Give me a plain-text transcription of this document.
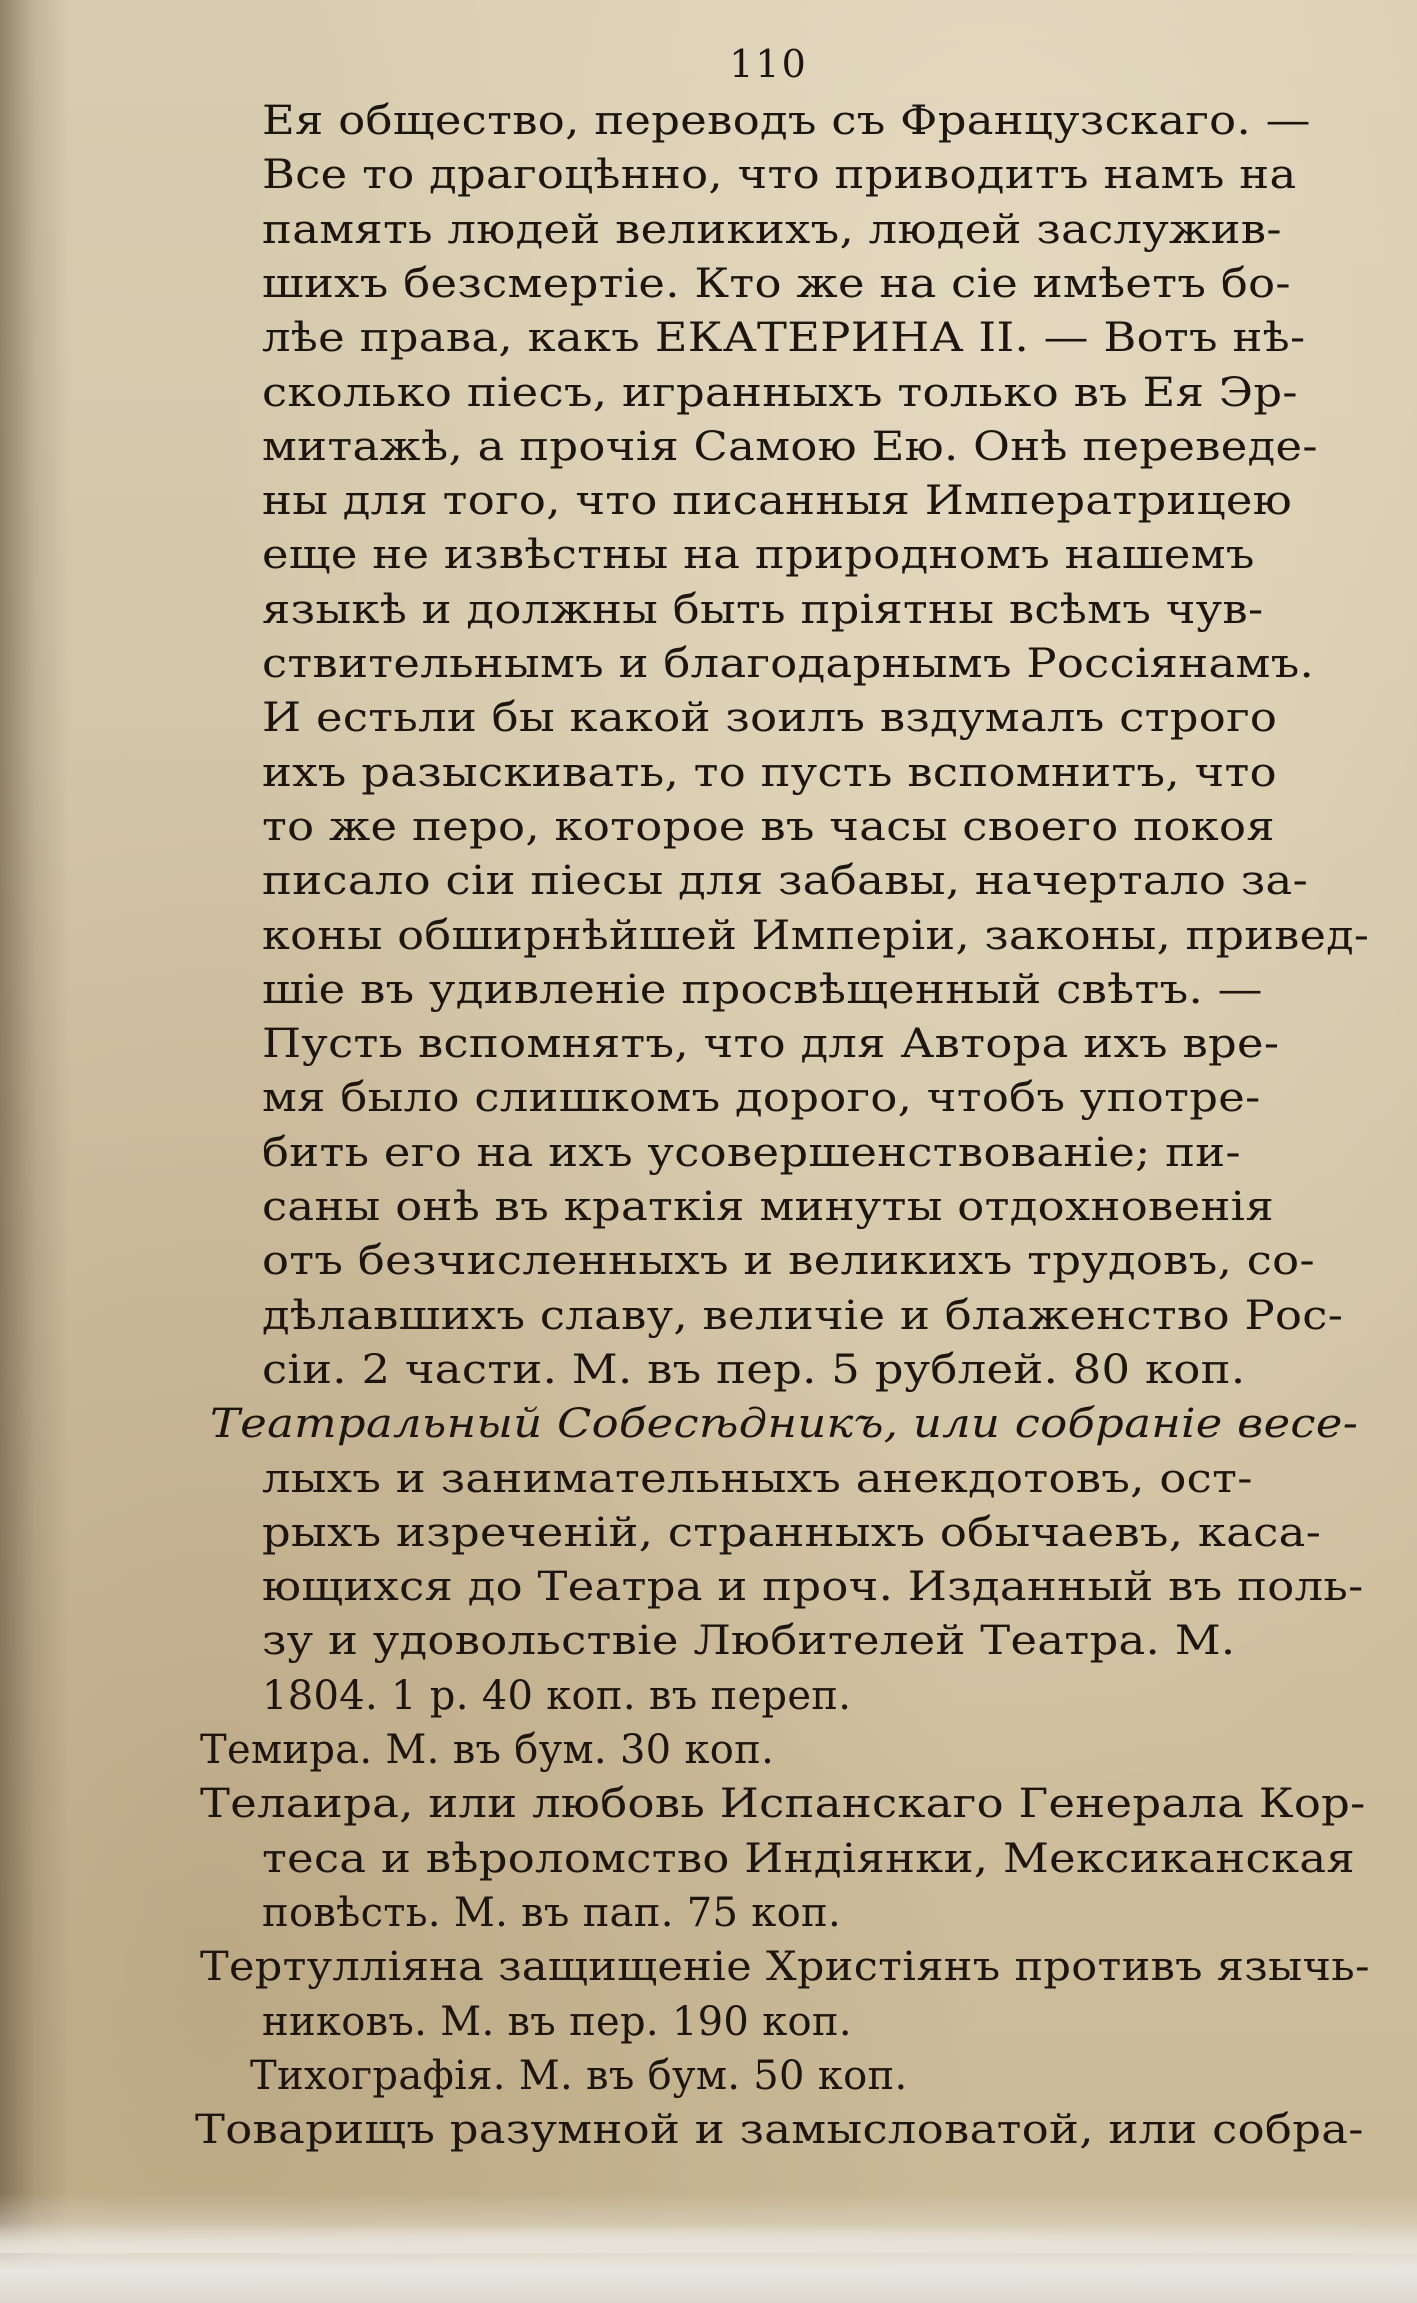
110
Ея общество, переводъ съ Французскаго. —
Все то драгоцѣнно, что приводитъ намъ на
память людей великихъ, людей заслужив-
шихъ безсмертіе. Кто же на сіе имѣетъ бо-
лѣе права, какъ ЕКАТЕРИНА II. — Вотъ нѣ-
сколько піесъ, игранныхъ только въ Ея Эр-
митажѣ, а прочія Самою Ею. Онѣ переведе-
ны для того, что писанныя Императрицею
еще не извѣстны на природномъ нашемъ
языкѣ и должны быть пріятны всѣмъ чув-
ствительнымъ и благодарнымъ Россіянамъ.
И естьли бы какой зоилъ вздумалъ строго
ихъ разыскивать, то пусть вспомнитъ, что
то же перо, которое въ часы своего покоя
писало сіи піесы для забавы, начертало за-
коны обширнѣйшей Имперіи, законы, привед-
шіе въ удивленіе просвѣщенный свѣтъ. —
Пусть вспомнятъ, что для Автора ихъ вре-
мя было слишкомъ дорого, чтобъ употре-
бить его на ихъ усовершенствованіе; пи-
саны онѣ въ краткія минуты отдохновенія
отъ безчисленныхъ и великихъ трудовъ, со-
дѣлавшихъ славу, величіе и блаженство Рос-
сіи. 2 части. М. въ пер. 5 рублей. 80 коп.
Театральный Собесѣдникъ, или собраніе весе-
лыхъ и занимательныхъ анекдотовъ, ост-
рыхъ изреченій, странныхъ обычаевъ, каса-
ющихся до Театра и проч. Изданный въ поль-
зу и удовольствіе Любителей Театра. М.
1804. 1 р. 40 коп. въ переп.
Темира. М. въ бум. 30 коп.
Телаира, или любовь Испанскаго Генерала Кор-
теса и вѣроломство Индіянки, Мексиканская
повѣсть. М. въ пап. 75 коп.
Тертулліяна защищеніе Христіянъ противъ язычь-
никовъ. М. въ пер. 190 коп.
Тихографія. М. въ бум. 50 коп.
Товарищъ разумной и замысловатой, или собра-
